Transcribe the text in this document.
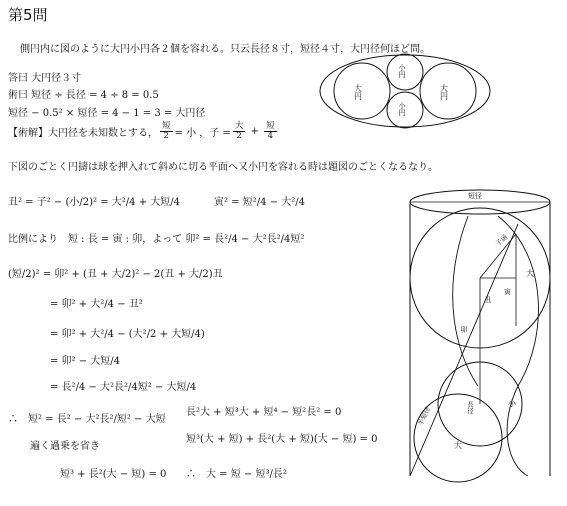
第5問
側円内に図のように大円小円各２個を容れる。只云長径８寸，短径４寸，大円径何ほど問。
答曰 大円径３寸
術曰 短径 ÷ 長径 = 4 ÷ 8 = 0.5
短径 − 0.5² × 短径 = 4 − 1 = 3 = 大円径
【術解】大円径を未知数とする， $\frac{\text{短}}{2}$ = 小 ，子 = $\frac{\text{大}}{2} + \frac{\text{短}}{4}$
下図のごとく円擣は球を押入れて斜めに切る平面へ又小円を容れる時は題図のごとくなるなり。
丑² = 子² − (小/2)² = 大²/4 + 大短/4	寅² = 短²/4 − 大²/4
比例により　短 : 長 = 寅 : 卯，よって 卯² = 長²/4 − 大²長²/4短²
(短/2)² = 卯² + (丑 + 大/2)² − 2(丑 + 大/2)丑
= 卯² + 大²/4 − 丑²
= 卯² + 大²/4 − (大²/2 + 大短/4)
= 卯² − 大短/4
= 長²/4 − 大²長²/4短² − 大短/4
∴　短² = 長² − 大²長²/短² − 大短
長²大 + 短³大 + 短⁴ − 短²長² = 0
短³(大 + 短) + 長²(大 + 短)(大 − 短) = 0
遍く過乗を省き
短³ + 長²(大 − 短) = 0 ∴　大 = 短 − 短³/長²
大円	大円
小円
小円
短径
子函
丑
寅
卯
大
小
大
長径
半短径
